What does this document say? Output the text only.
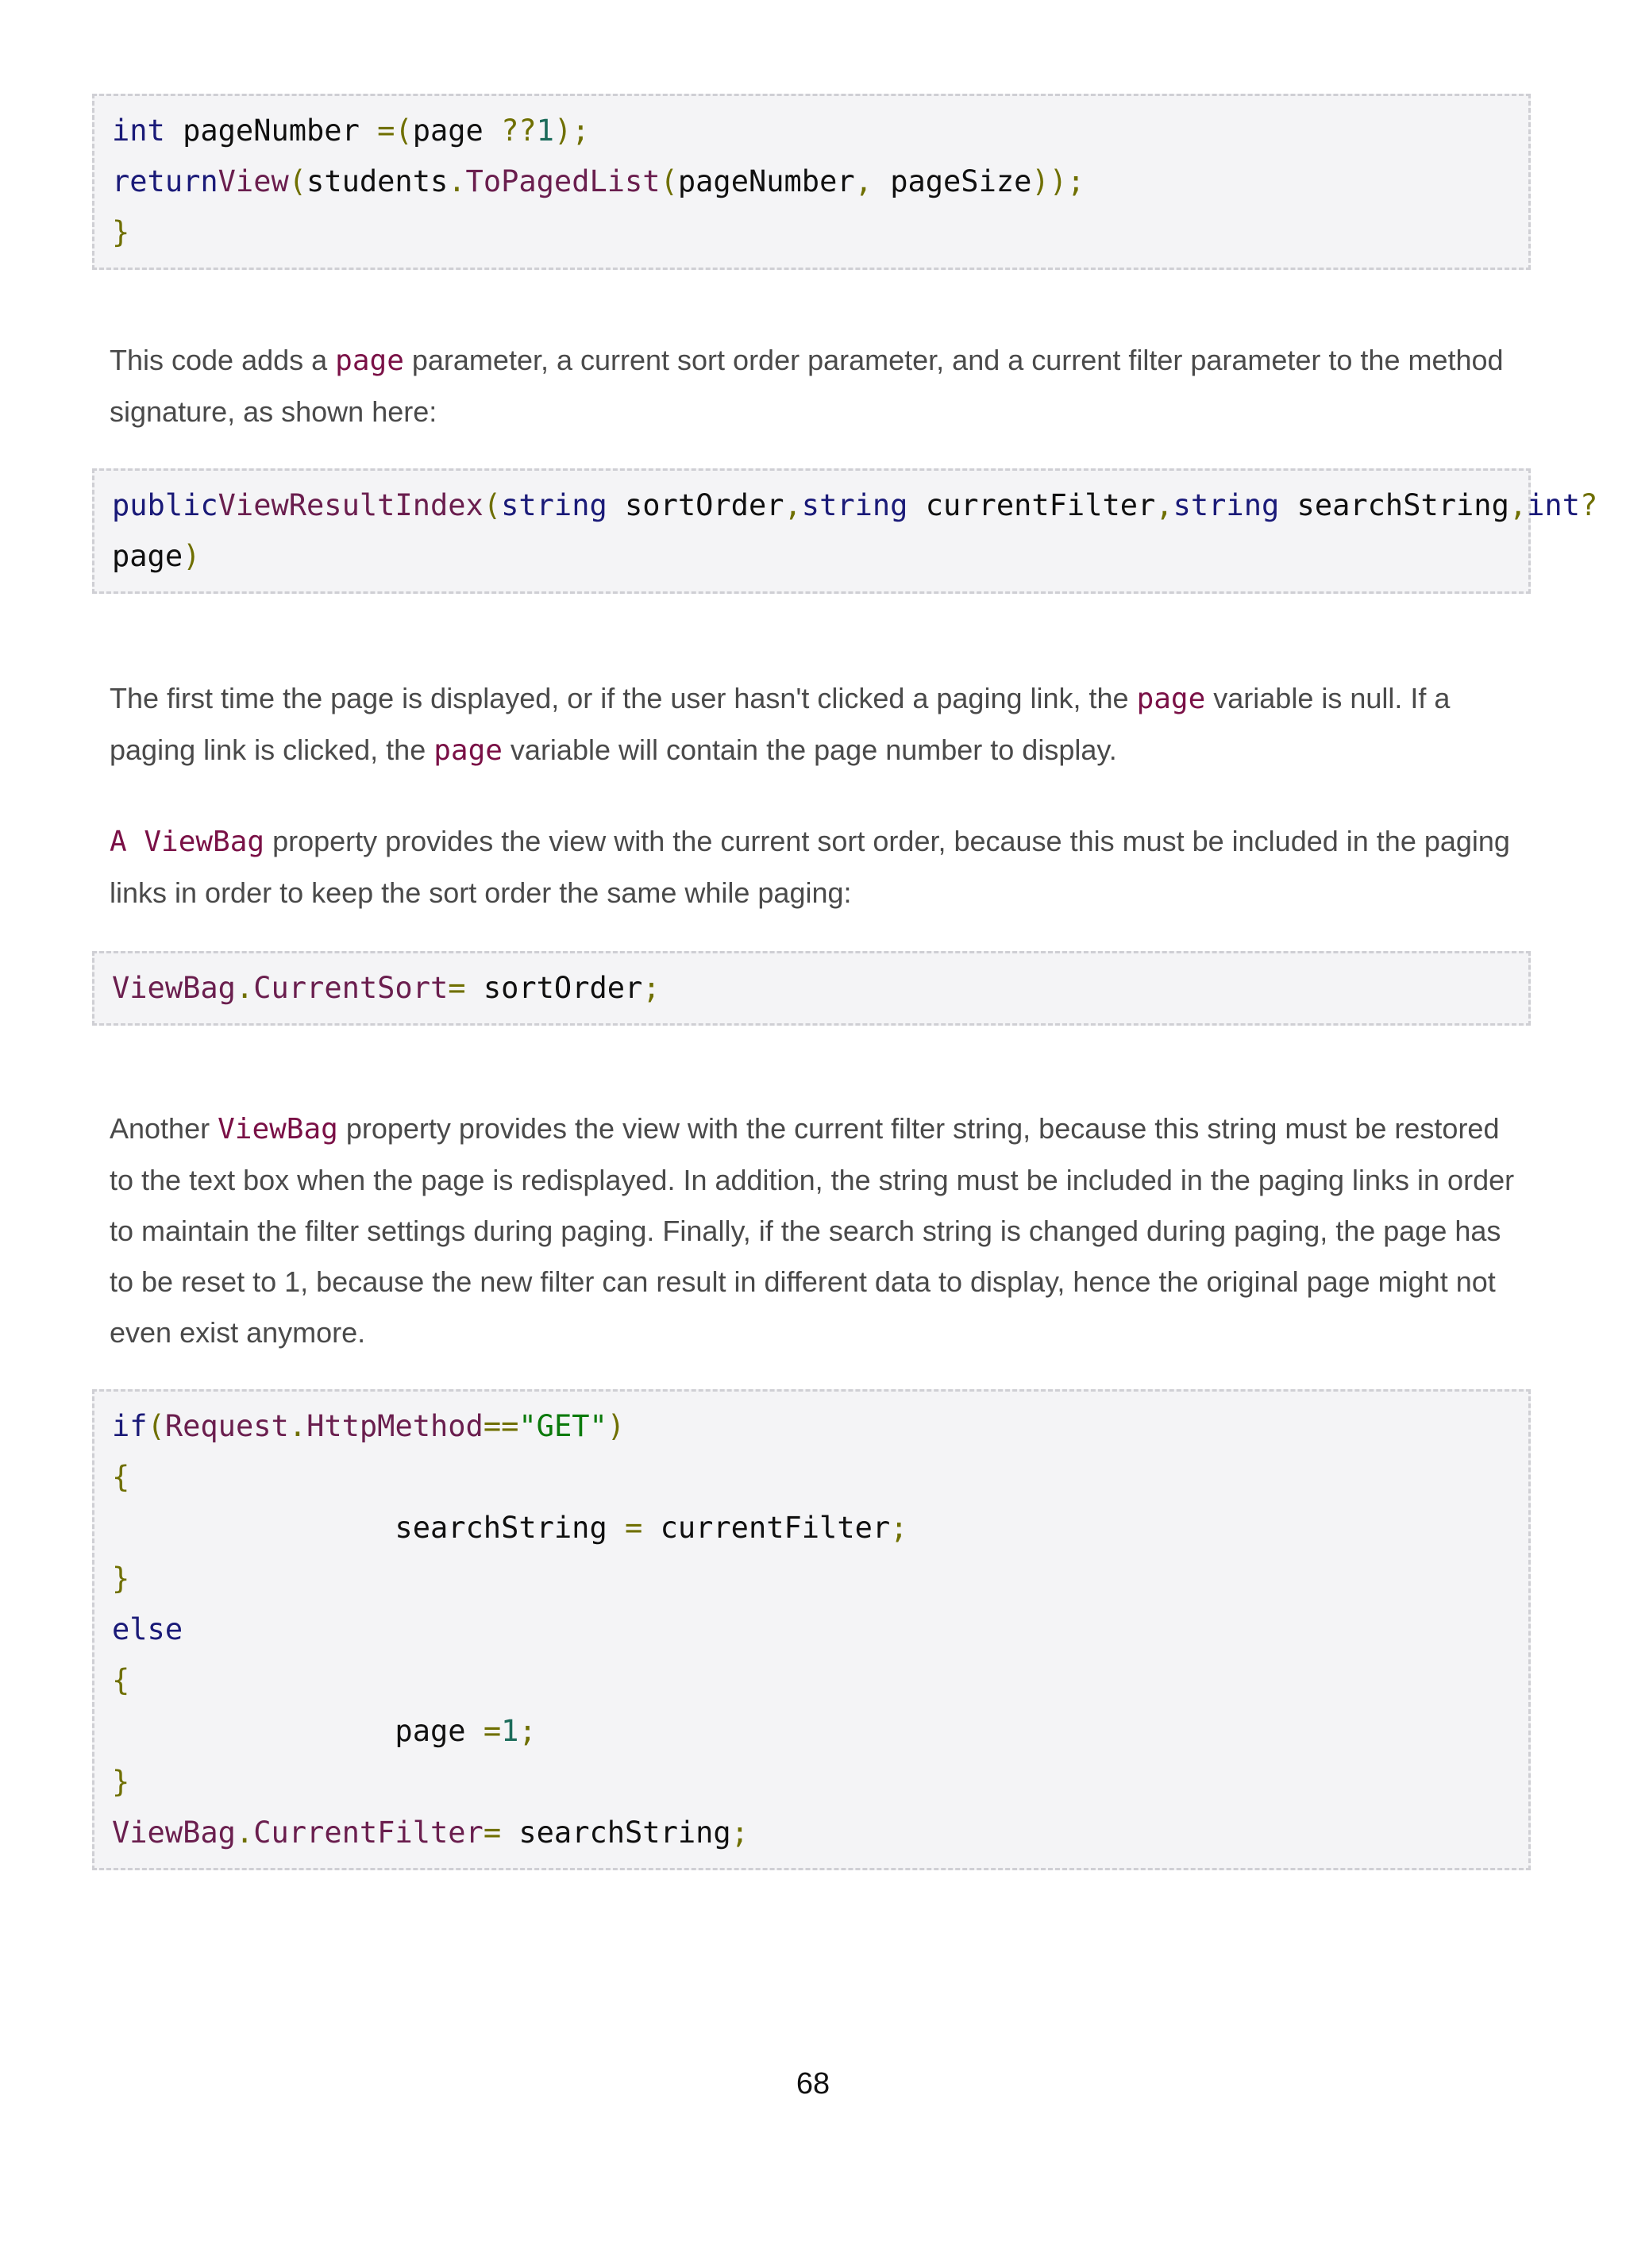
int pageNumber =(page ??1);
returnView(students.ToPagedList(pageNumber, pageSize));
}

This code adds a page parameter, a current sort order parameter, and a current filter parameter to the method signature, as shown here:

publicViewResultIndex(string sortOrder,string currentFilter,string searchString,int?
page)

The first time the page is displayed, or if the user hasn't clicked a paging link, the page variable is null. If a paging link is clicked, the page variable will contain the page number to display.

A ViewBag property provides the view with the current sort order, because this must be included in the paging links in order to keep the sort order the same while paging:

ViewBag.CurrentSort= sortOrder;

Another ViewBag property provides the view with the current filter string, because this string must be restored to the text box when the page is redisplayed. In addition, the string must be included in the paging links in order to maintain the filter settings during paging. Finally, if the search string is changed during paging, the page has to be reset to 1, because the new filter can result in different data to display, hence the original page might not even exist anymore.

if(Request.HttpMethod=="GET")
{
searchString = currentFilter;
}
else
{
page =1;
}
ViewBag.CurrentFilter= searchString;
68
